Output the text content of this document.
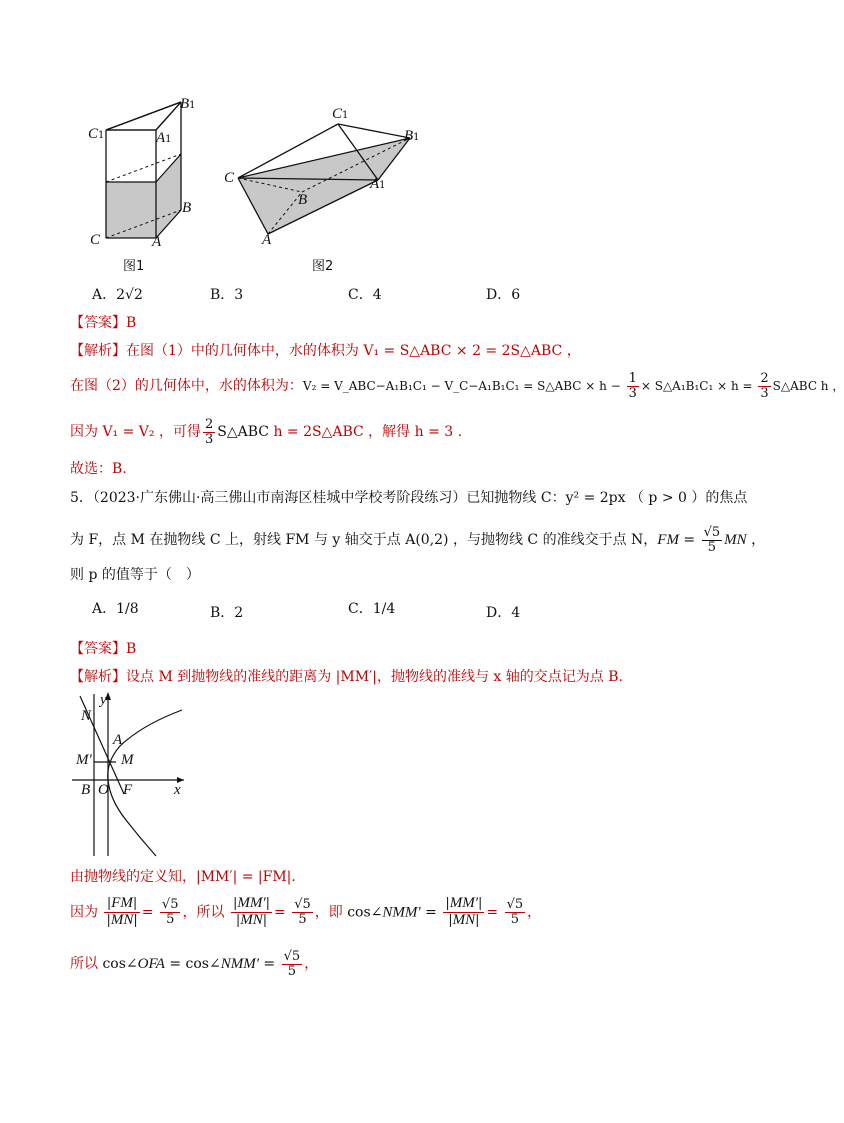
C1
B1
A1
B
C	A
图1
C1
B1
C	A1
B
A
图2
A．2√2	B．3	C．4	D．6
【答案】B
【解析】在图（1）中的几何体中，水的体积为 V₁ = S△ABC × 2 = 2S△ABC ，
在图（2）的几何体中，水的体积为：V₂ = V_ABC−A₁B₁C₁ − V_C−A₁B₁C₁ = S△ABC × $h - \frac{1}{3}$ × S△A₁B₁C₁ × $h = \frac{2}{3}$ S△ABC h ，
因为 V₁ = V₂ ，可得 $\frac{2}{3}$ S△ABC h = 2S△ABC ，解得 h = 3 .
故选：B.
5．（2023·广东佛山·高三佛山市南海区桂城中学校考阶段练习）已知抛物线 C：y² = 2px （ p > 0 ）的焦点
为 F，点 M 在抛物线 C 上，射线 FM 与 y 轴交于点 A(0,2) ，与抛物线 C 的准线交于点 N，FM = $\frac{√5}{5}$ MN ，
则 p 的值等于（　）
A．1/8	B．2	C．1/4	D．4
【答案】B
【解析】设点 M 到抛物线的准线的距离为 |MM′|，抛物线的准线与 x 轴的交点记为点 B.
y
N
A
M′ M
B O F	x
由抛物线的定义知，|MM′| = |FM|.
因为 $\frac{|FM|}{|MN|} = \frac{√5}{5}$ ，所以 $\frac{|MM'|}{|MN|} = \frac{√5}{5}$ ，即 cos∠NMM′ = $\frac{|MM'|}{|MN|} = \frac{√5}{5}$ ，
所以 cos∠OFA = cos∠NMM′ = $\frac{√5}{5}$ ，
